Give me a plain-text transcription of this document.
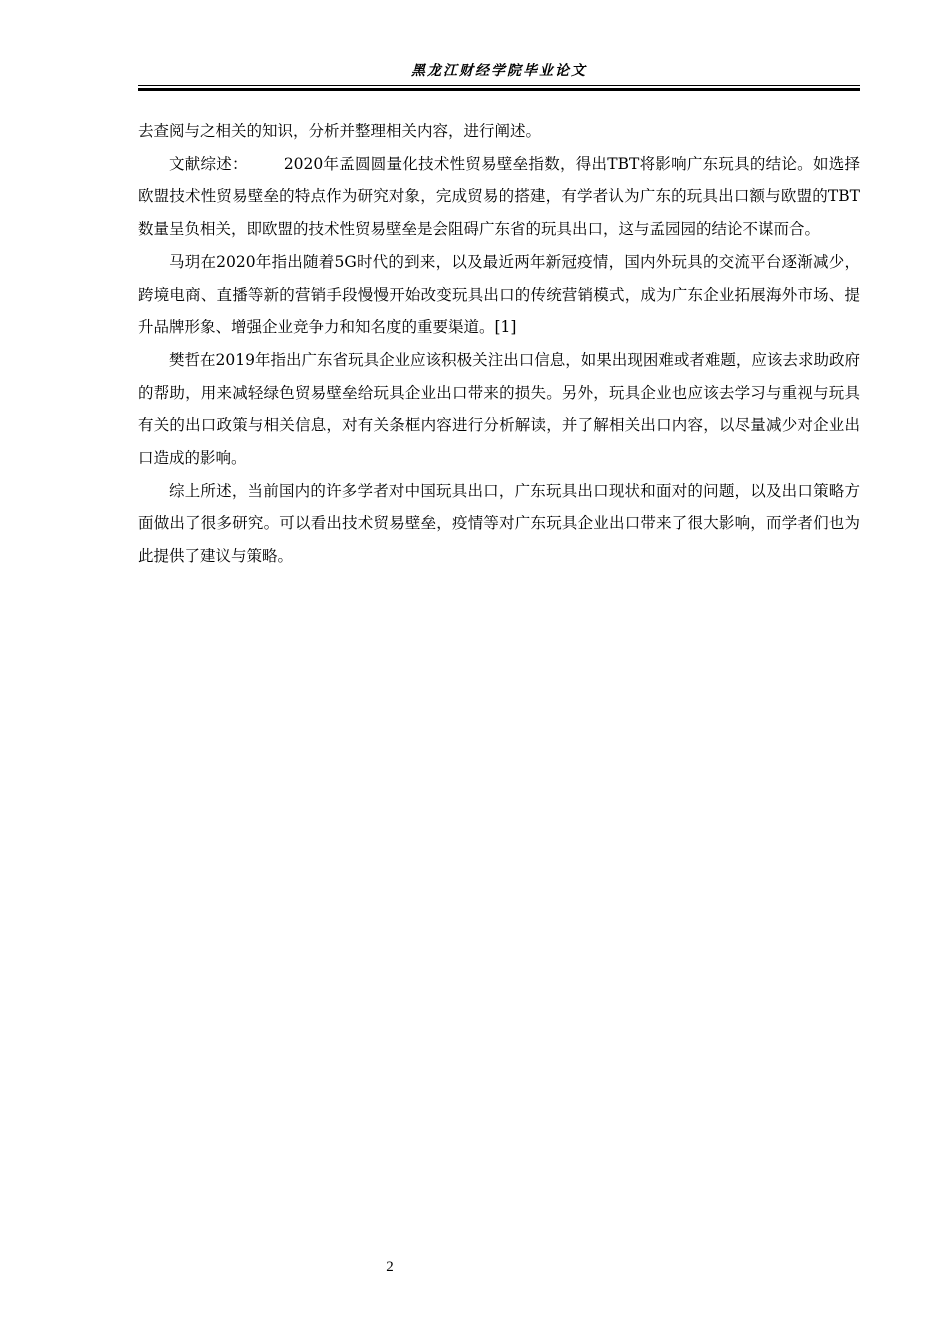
黑龙江财经学院毕业论文

去查阅与之相关的知识，分析并整理相关内容，进行阐述。

文献综述： 2020年孟圆圆量化技术性贸易壁垒指数，得出TBT将影响广东玩具的结论。如选择欧盟技术性贸易壁垒的特点作为研究对象，完成贸易的搭建，有学者认为广东的玩具出口额与欧盟的TBT数量呈负相关，即欧盟的技术性贸易壁垒是会阻碍广东省的玩具出口，这与孟园园的结论不谋而合。

马玥在2020年指出随着5G时代的到来，以及最近两年新冠疫情，国内外玩具的交流平台逐渐减少，跨境电商、直播等新的营销手段慢慢开始改变玩具出口的传统营销模式，成为广东企业拓展海外市场、提升品牌形象、增强企业竞争力和知名度的重要渠道。[1]

樊哲在2019年指出广东省玩具企业应该积极关注出口信息，如果出现困难或者难题，应该去求助政府的帮助，用来减轻绿色贸易壁垒给玩具企业出口带来的损失。另外，玩具企业也应该去学习与重视与玩具有关的出口政策与相关信息，对有关条框内容进行分析解读，并了解相关出口内容，以尽量减少对企业出口造成的影响。

综上所述，当前国内的许多学者对中国玩具出口，广东玩具出口现状和面对的问题，以及出口策略方面做出了很多研究。可以看出技术贸易壁垒，疫情等对广东玩具企业出口带来了很大影响，而学者们也为此提供了建议与策略。

2
